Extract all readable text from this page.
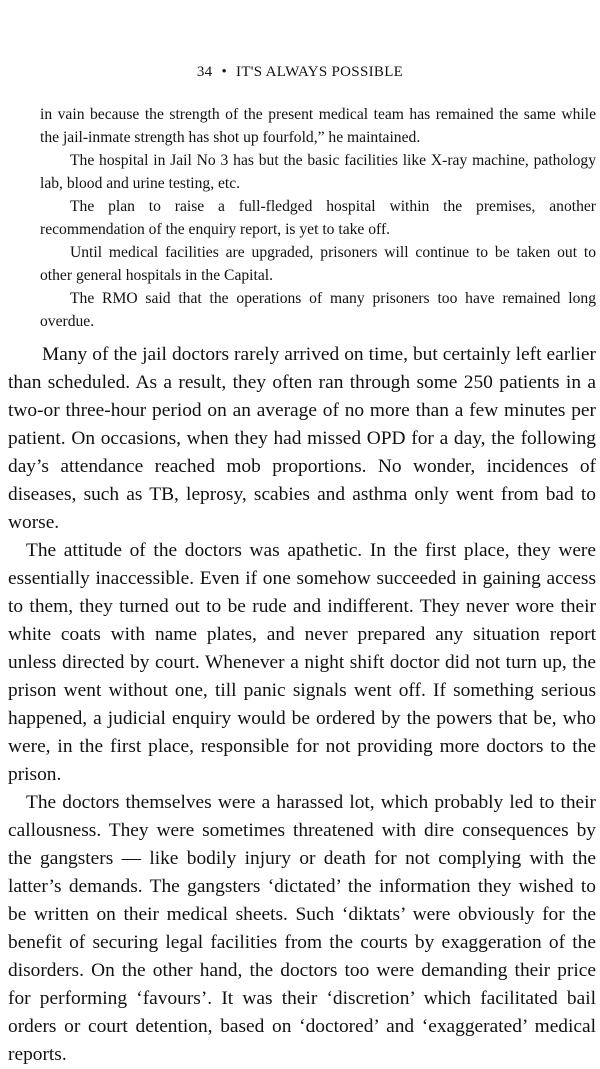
34 • IT'S ALWAYS POSSIBLE

in vain because the strength of the present medical team has remained the same while the jail-inmate strength has shot up fourfold,” he maintained.

The hospital in Jail No 3 has but the basic facilities like X-ray machine, pathology lab, blood and urine testing, etc.

The plan to raise a full-fledged hospital within the premises, another recommendation of the enquiry report, is yet to take off.

Until medical facilities are upgraded, prisoners will continue to be taken out to other general hospitals in the Capital.

The RMO said that the operations of many prisoners too have remained long overdue.

Many of the jail doctors rarely arrived on time, but certainly left earlier than scheduled. As a result, they often ran through some 250 patients in a two-or three-hour period on an average of no more than a few minutes per patient. On occasions, when they had missed OPD for a day, the following day’s attendance reached mob proportions. No wonder, incidences of diseases, such as TB, leprosy, scabies and asthma only went from bad to worse.

The attitude of the doctors was apathetic. In the first place, they were essentially inaccessible. Even if one somehow succeeded in gaining access to them, they turned out to be rude and indifferent. They never wore their white coats with name plates, and never prepared any situation report unless directed by court. Whenever a night shift doctor did not turn up, the prison went without one, till panic signals went off. If something serious happened, a judicial enquiry would be ordered by the powers that be, who were, in the first place, responsible for not providing more doctors to the prison.

The doctors themselves were a harassed lot, which probably led to their callousness. They were sometimes threatened with dire consequences by the gangsters — like bodily injury or death for not complying with the latter’s demands. The gangsters ‘dictated’ the information they wished to be written on their medical sheets. Such ‘diktats’ were obviously for the benefit of securing legal facilities from the courts by exaggeration of the disorders. On the other hand, the doctors too were demanding their price for performing ‘favours’. It was their ‘discretion’ which facilitated bail orders or court detention, based on ‘doctored’ and ‘exaggerated’ medical reports.
